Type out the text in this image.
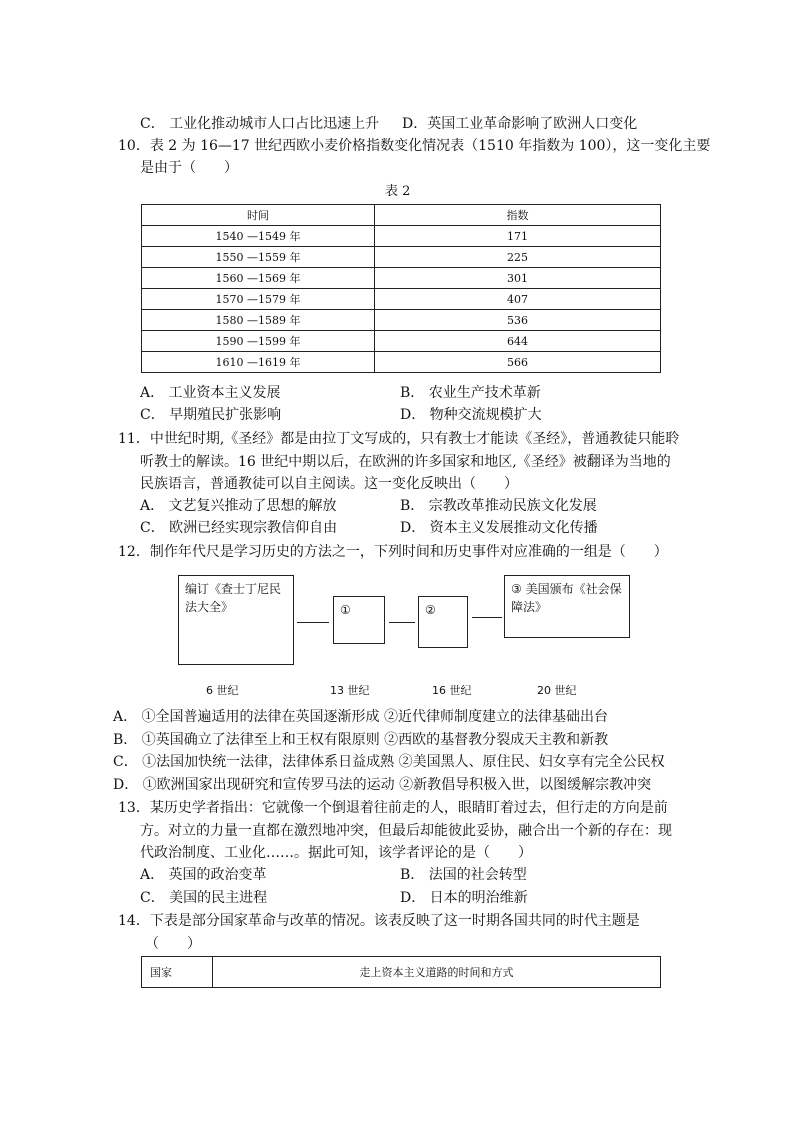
C． 工业化推动城市人口占比迅速上升 D．英国工业革命影响了欧洲人口变化
10．表 2 为 16—17 世纪西欧小麦价格指数变化情况表（1510 年指数为 100），这一变化主要
是由于（　　）
表 2
时间	指数
1540 —1549 年	171
1550 —1559 年	225
1560 —1569 年	301
1570 —1579 年	407
1580 —1589 年	536
1590 —1599 年	644
1610 —1619 年	566
A． 工业资本主义发展	B． 农业生产技术革新
C． 早期殖民扩张影响	D． 物种交流规模扩大
11．中世纪时期,《圣经》都是由拉丁文写成的，只有教士才能读《圣经》，普通教徒只能聆
听教士的解读。16 世纪中期以后，在欧洲的许多国家和地区,《圣经》被翻译为当地的
民族语言，普通教徒可以自主阅读。这一变化反映出（　　）
A． 文艺复兴推动了思想的解放	B． 宗教改革推动民族文化发展
C． 欧洲已经实现宗教信仰自由	D． 资本主义发展推动文化传播
12．制作年代尺是学习历史的方法之一，下列时间和历史事件对应准确的一组是（　　）
编订《查士丁尼民法大全》	①	②
③ 美国颁布《社会保障法》
6 世纪	13 世纪	16 世纪	20 世纪
A． ①全国普遍适用的法律在英国逐渐形成 ②近代律师制度建立的法律基础出台
B． ①英国确立了法律至上和王权有限原则 ②西欧的基督教分裂成天主教和新教
C． ①法国加快统一法律，法律体系日益成熟 ②美国黑人、原住民、妇女享有完全公民权
D． ①欧洲国家出现研究和宣传罗马法的运动 ②新教倡导积极入世，以图缓解宗教冲突
13．某历史学者指出：它就像一个倒退着往前走的人，眼睛盯着过去，但行走的方向是前
方。对立的力量一直都在激烈地冲突，但最后却能彼此妥协，融合出一个新的存在：现
代政治制度、工业化……。据此可知，该学者评论的是（　　）
A． 英国的政治变革	B． 法国的社会转型
C． 美国的民主进程	D． 日本的明治维新
14．下表是部分国家革命与改革的情况。该表反映了这一时期各国共同的时代主题是
（　　）
国家	走上资本主义道路的时间和方式
